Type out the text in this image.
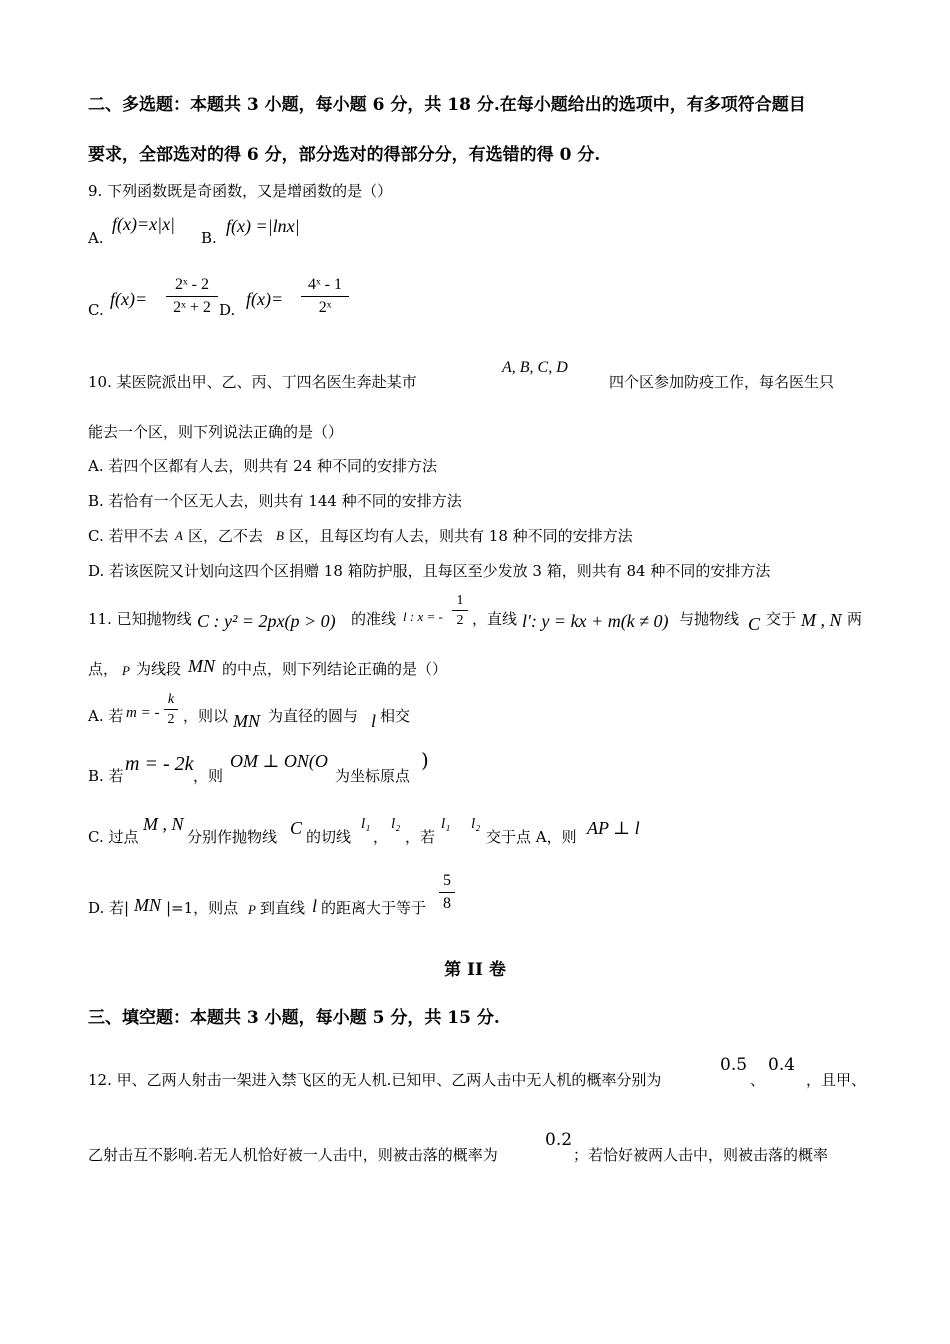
二、多选题：本题共 3 小题，每小题 6 分，共 18 分.在每小题给出的选项中，有多项符合题目
要求，全部选对的得 6 分，部分选对的得部分分，有选错的得 0 分.
9. 下列函数既是奇函数，又是增函数的是（）
A.
f(x)=x|x|
B.
f(x) =|lnx|
C.
f(x)=
2ˣ - 2
2ˣ + 2 D.
f(x)=
4ˣ - 1
2ˣ
10. 某医院派出甲、乙、丙、丁四名医生奔赴某市
A, B, C, D
四个区参加防疫工作，每名医生只
能去一个区，则下列说法正确的是（）
A. 若四个区都有人去，则共有 24 种不同的安排方法
B. 若恰有一个区无人去，则共有 144 种不同的安排方法
C. 若甲不去 A 区，乙不去 B 区，且每区均有人去，则共有 18 种不同的安排方法
D. 若该医院又计划向这四个区捐赠 18 箱防护服，且每区至少发放 3 箱，则共有 84 种不同的安排方法
11. 已知抛物线 C : y² = 2px(p > 0) 的准线 l : x = -
1
2 ，直线 l′: y = kx + m(k ≠ 0) 与抛物线 C 交于 M , N 两
点， P 为线段 MN 的中点，则下列结论正确的是（）
A. 若 m = -
k
2 ，则以 MN 为直径的圆与 l 相交
B. 若
m = - 2k
，则
OM ⊥ ON(O
为坐标原点
)
C. 过点
M , N
分别作抛物线 C 的切线
l₁
，
l₂
，若
l₁ l₂
交于点 A，则 AP ⊥ l
D. 若| MN |=1，则点 P 到直线 l 的距离大于等于
5
8
第 II 卷
三、填空题：本题共 3 小题，每小题 5 分，共 15 分.
12. 甲、乙两人射击一架进入禁飞区的无人机.已知甲、乙两人击中无人机的概率分别为
0.5
、
0.4
，且甲、
乙射击互不影响.若无人机恰好被一人击中，则被击落的概率为
0.2
；若恰好被两人击中，则被击落的概率
